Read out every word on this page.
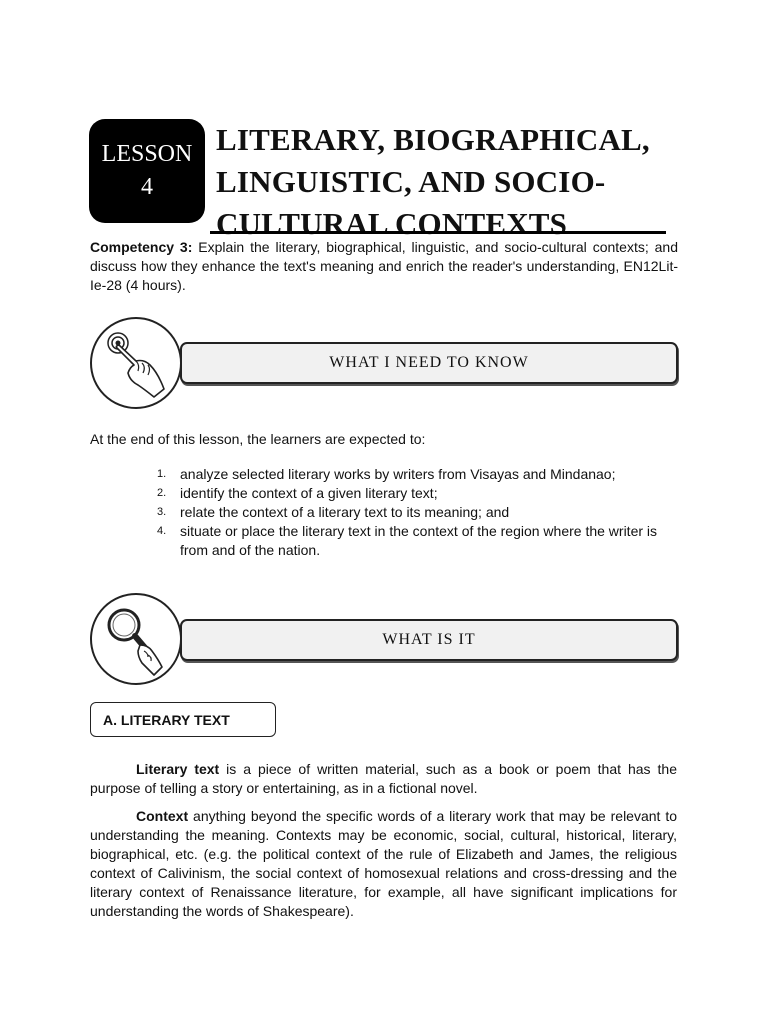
LESSON
4
LITERARY, BIOGRAPHICAL,
LINGUISTIC, AND SOCIO-
CULTURAL CONTEXTS
Competency 3: Explain the literary, biographical, linguistic, and socio-cultural contexts; and discuss how they enhance the text's meaning and enrich the reader's understanding, EN12Lit-Ie-28 (4 hours).
WHAT I NEED TO KNOW
At the end of this lesson, the learners are expected to:
1. analyze selected literary works by writers from Visayas and Mindanao;
2. identify the context of a given literary text;
3. relate the context of a literary text to its meaning; and
4. situate or place the literary text in the context of the region where the writer is from and of the nation.
WHAT IS IT
A. LITERARY TEXT

Literary text is a piece of written material, such as a book or poem that has the purpose of telling a story or entertaining, as in a fictional novel.

Context anything beyond the specific words of a literary work that may be relevant to understanding the meaning. Contexts may be economic, social, cultural, historical, literary, biographical, etc. (e.g. the political context of the rule of Elizabeth and James, the religious context of Calivinism, the social context of homosexual relations and cross-dressing and the literary context of Renaissance literature, for example, all have significant implications for understanding the words of Shakespeare).
